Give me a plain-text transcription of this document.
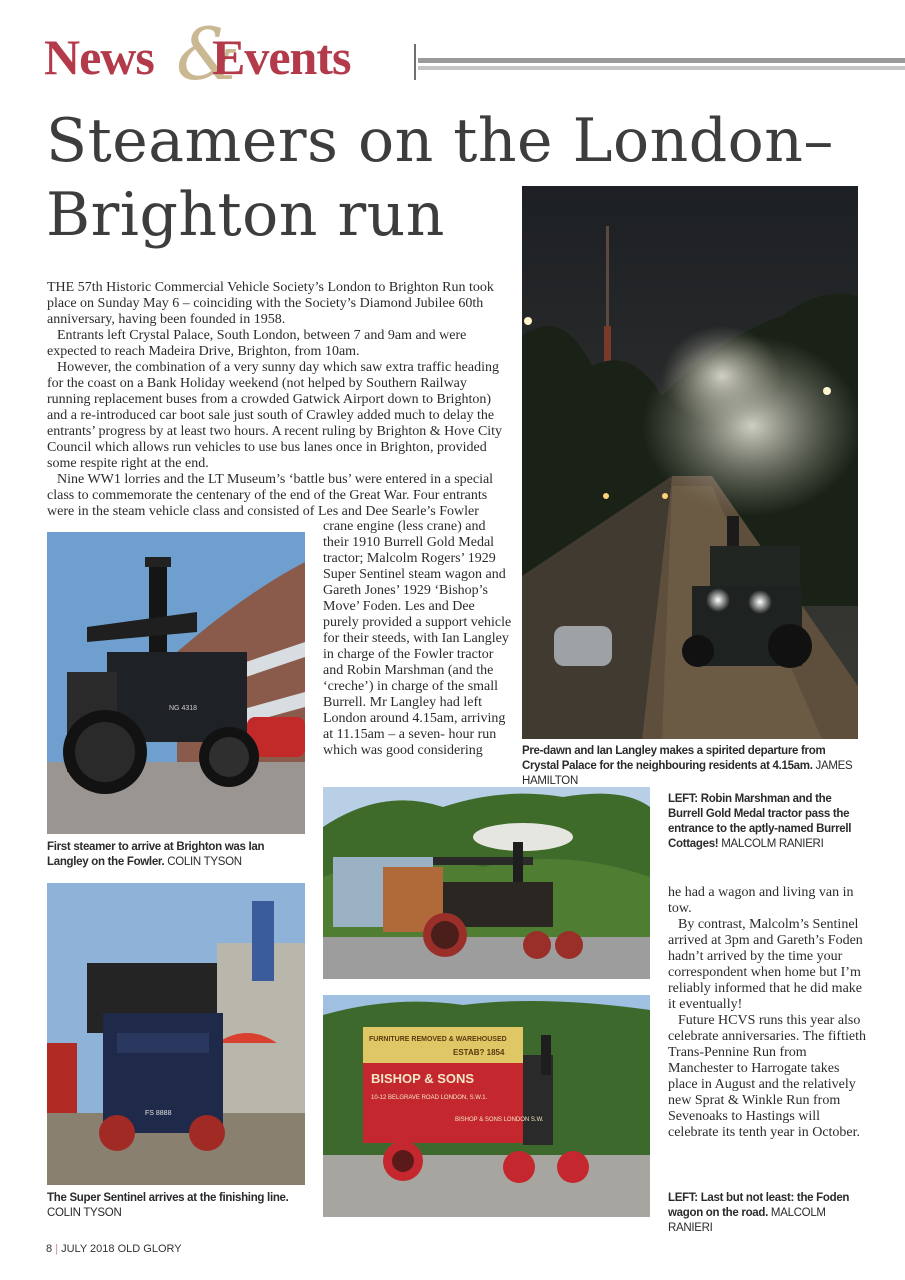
News &
Events
Steamers on the London–Brighton run

THE 57th Historic Commercial Vehicle Society’s London to Brighton Run took place on Sunday May 6 – coinciding with the Society’s Diamond Jubilee 60th anniversary, having been founded in 1958.

Entrants left Crystal Palace, South London, between 7 and 9am and were expected to reach Madeira Drive, Brighton, from 10am.

However, the combination of a very sunny day which saw extra traffic heading for the coast on a Bank Holiday weekend (not helped by Southern Railway running replacement buses from a crowded Gatwick Airport down to Brighton) and a re-introduced car boot sale just south of Crawley added much to delay the entrants’ progress by at least two hours. A recent ruling by Brighton & Hove City Council which allows run vehicles to use bus lanes once in Brighton, provided some respite right at the end.

Nine WW1 lorries and the LT Museum’s ‘battle bus’ were entered in a special class to commemorate the centenary of the end of the Great War. Four entrants were in the steam vehicle class and consisted of Les and Dee Searle’s Fowler

crane engine (less crane) and their 1910 Burrell Gold Medal tractor; Malcolm Rogers’ 1929 Super Sentinel steam wagon and Gareth Jones’ 1929 ‘Bishop’s Move’ Foden. Les and Dee purely provided a support vehicle for their steeds, with Ian Langley in charge of the Fowler tractor and Robin Marshman (and the ‘creche’) in charge of the small Burrell. Mr Langley had left London around 4.15am, arriving at 11.15am – a seven- hour run which was good considering

he had a wagon and living van in tow.

By contrast, Malcolm’s Sentinel arrived at 3pm and Gareth’s Foden hadn’t arrived by the time your correspondent when home but I’m reliably informed that he did make it eventually!

Future HCVS runs this year also celebrate anniversaries. The fiftieth Trans-Pennine Run from Manchester to Harrogate takes place in August and the relatively new Sprat & Winkle Run from Sevenoaks to Hastings will celebrate its tenth year in October.

NG 4318
FS 8888
FURNITURE REMOVED & WAREHOUSED
ESTAB? 1854
BISHOP & SONS
10-12 BELGRAVE ROAD LONDON, S.W.1.
BISHOP & SONS LONDON S.W.
Pre-dawn and Ian Langley makes a spirited departure from Crystal Palace for the neighbouring residents at 4.15am. JAMES HAMILTON
First steamer to arrive at Brighton was Ian Langley on the Fowler. COLIN TYSON
LEFT: Robin Marshman and the Burrell Gold Medal tractor pass the entrance to the aptly-named Burrell Cottages! MALCOLM RANIERI
The Super Sentinel arrives at the finishing line. COLIN TYSON
LEFT: Last but not least: the Foden wagon on the road. MALCOLM RANIERI
8 | JULY 2018 OLD GLORY
